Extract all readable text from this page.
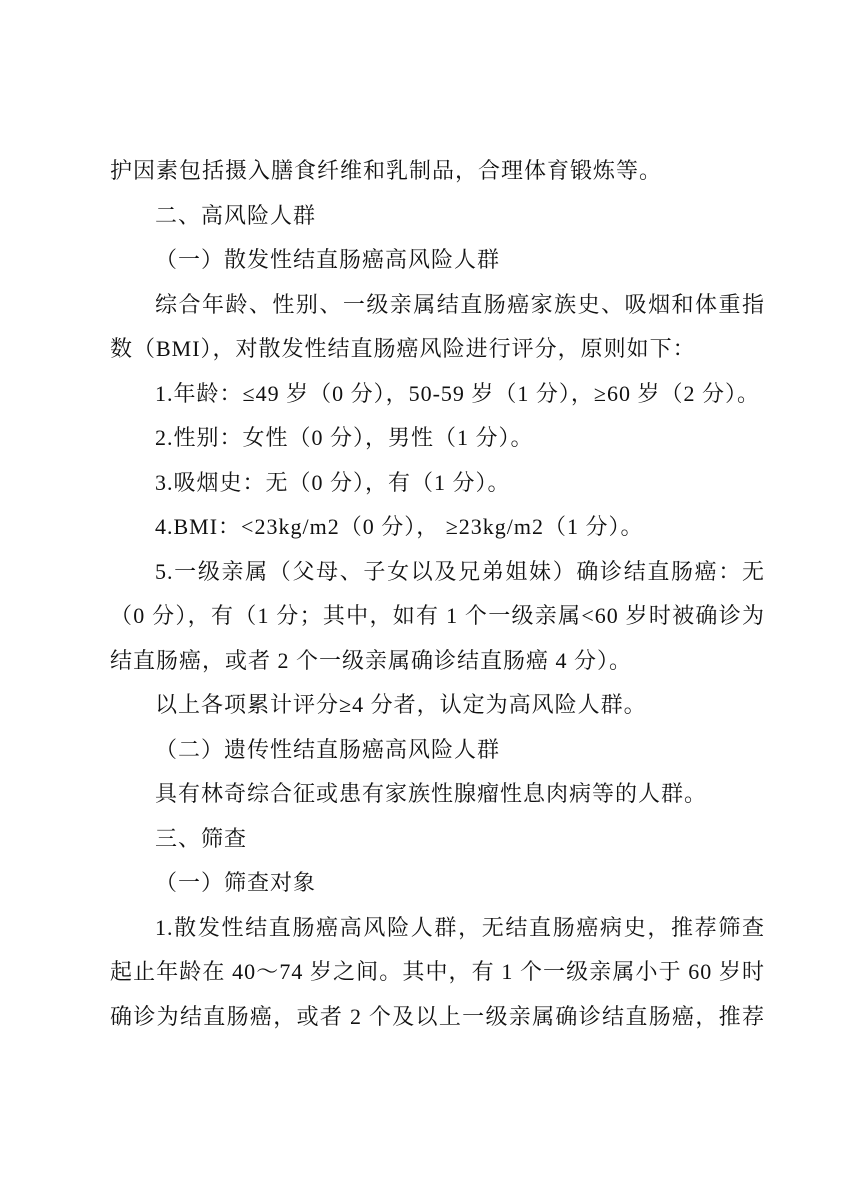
护因素包括摄入膳食纤维和乳制品，合理体育锻炼等。
二、高风险人群
（一）散发性结直肠癌高风险人群
综合年龄、性别、一级亲属结直肠癌家族史、吸烟和体重指
数（BMI），对散发性结直肠癌风险进行评分，原则如下：
1.年龄：≤49 岁（0 分），50-59 岁（1 分），≥60 岁（2 分）。
2.性别：女性（0 分），男性（1 分）。
3.吸烟史：无（0 分），有（1 分）。
4.BMI：<23kg/m2（0 分）， ≥23kg/m2（1 分）。
5.一级亲属（父母、子女以及兄弟姐妹）确诊结直肠癌：无
（0 分），有（1 分；其中，如有 1 个一级亲属<60 岁时被确诊为
结直肠癌，或者 2 个一级亲属确诊结直肠癌 4 分）。
以上各项累计评分≥4 分者，认定为高风险人群。
（二）遗传性结直肠癌高风险人群
具有林奇综合征或患有家族性腺瘤性息肉病等的人群。
三、筛查
（一）筛查对象
1.散发性结直肠癌高风险人群，无结直肠癌病史，推荐筛查
起止年龄在 40～74 岁之间。其中，有 1 个一级亲属小于 60 岁时
确诊为结直肠癌，或者 2 个及以上一级亲属确诊结直肠癌，推荐
